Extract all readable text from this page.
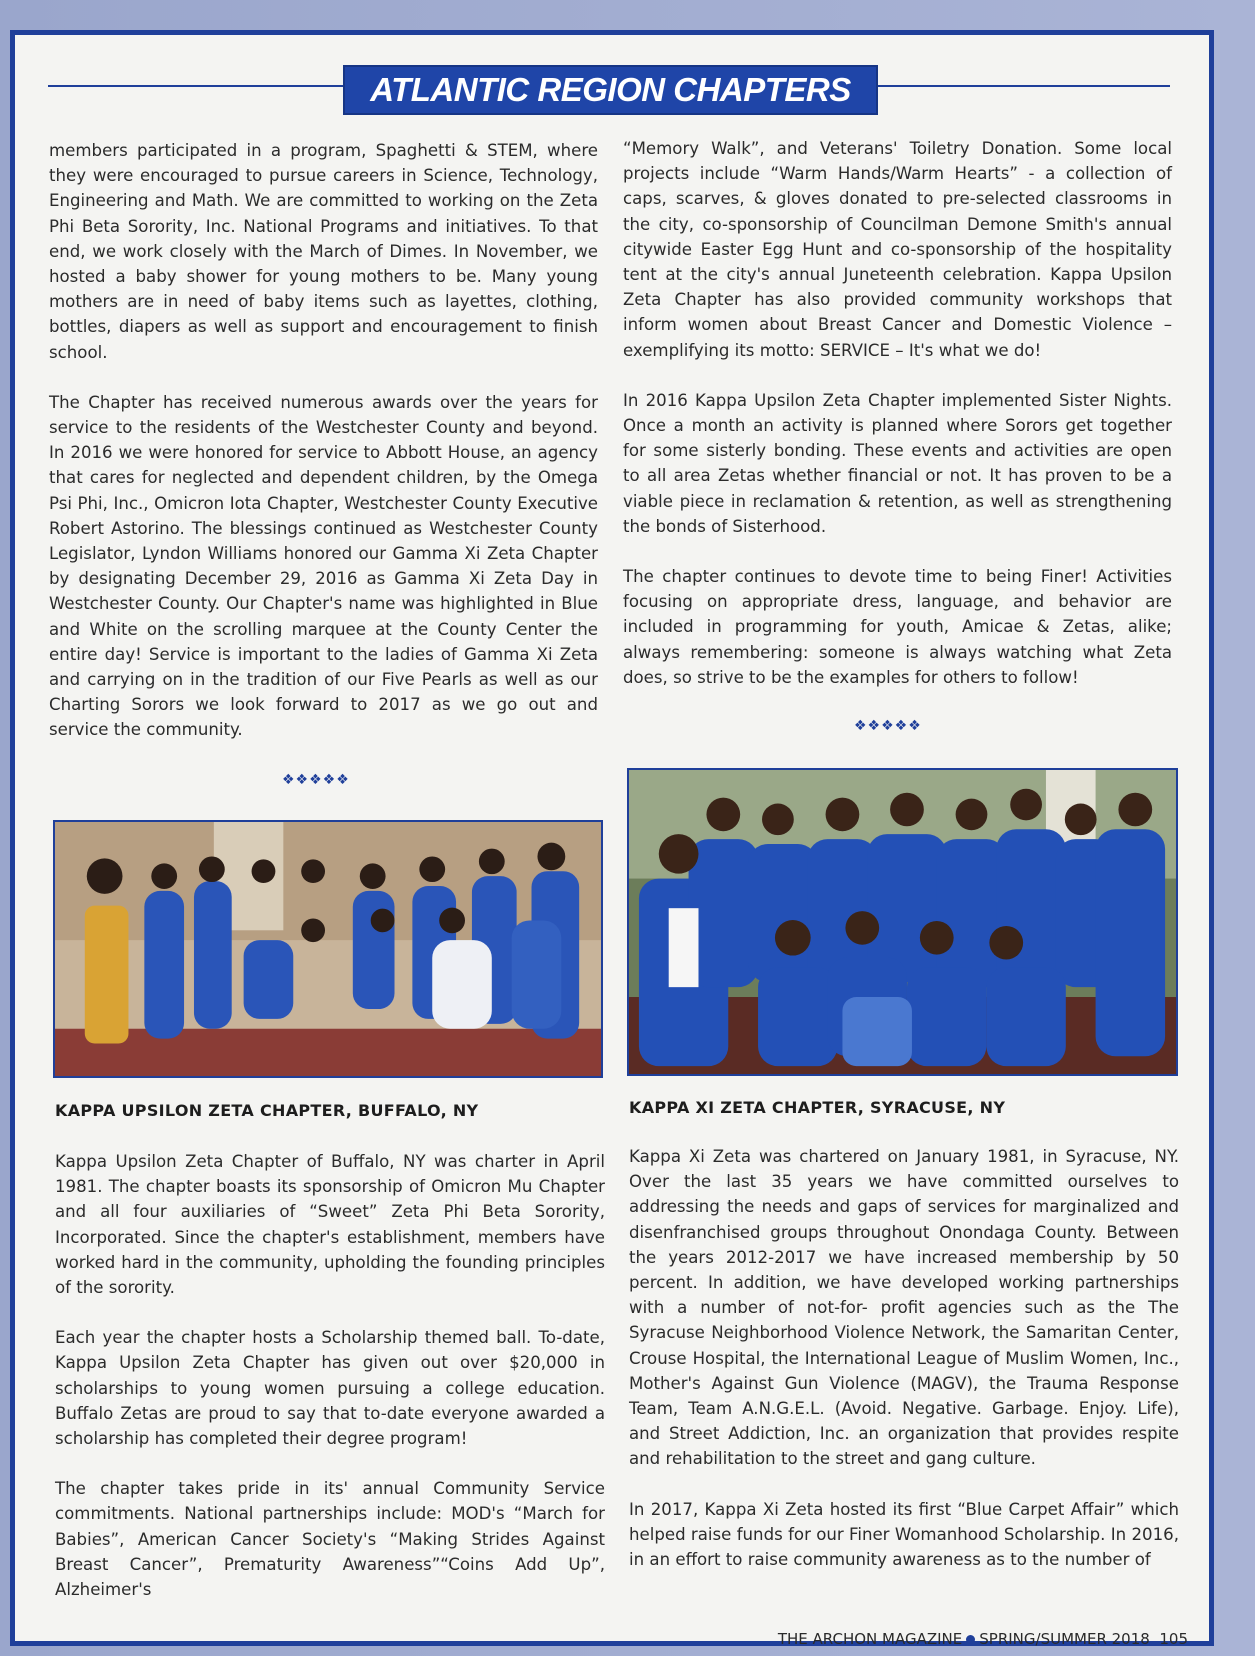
ATLANTIC REGION CHAPTERS

members participated in a program, Spaghetti & STEM, where they were encouraged to pursue careers in Science, Technology, Engineering and Math. We are committed to working on the Zeta Phi Beta Sorority, Inc. National Programs and initiatives. To that end, we work closely with the March of Dimes. In November, we hosted a baby shower for young mothers to be. Many young mothers are in need of baby items such as layettes, clothing, bottles, diapers as well as support and encouragement to finish school.

The Chapter has received numerous awards over the years for service to the residents of the Westchester County and beyond. In 2016 we were honored for service to Abbott House, an agency that cares for neglected and dependent children, by the Omega Psi Phi, Inc., Omicron Iota Chapter, Westchester County Executive Robert Astorino. The blessings continued as Westchester County Legislator, Lyndon Williams honored our Gamma Xi Zeta Chapter by designating December 29, 2016 as Gamma Xi Zeta Day in Westchester County. Our Chapter's name was highlighted in Blue and White on the scrolling marquee at the County Center the entire day! Service is important to the ladies of Gamma Xi Zeta and carrying on in the tradition of our Five Pearls as well as our Charting Sorors we look forward to 2017 as we go out and service the community.

“Memory Walk”, and Veterans' Toiletry Donation. Some local projects include “Warm Hands/Warm Hearts” - a collection of caps, scarves, & gloves donated to pre-selected classrooms in the city, co-sponsorship of Councilman Demone Smith's annual citywide Easter Egg Hunt and co-sponsorship of the hospitality tent at the city's annual Juneteenth celebration. Kappa Upsilon Zeta Chapter has also provided community workshops that inform women about Breast Cancer and Domestic Violence – exemplifying its motto: SERVICE – It's what we do!

In 2016 Kappa Upsilon Zeta Chapter implemented Sister Nights. Once a month an activity is planned where Sorors get together for some sisterly bonding. These events and activities are open to all area Zetas whether financial or not. It has proven to be a viable piece in reclamation & retention, as well as strengthening the bonds of Sisterhood.

The chapter continues to devote time to being Finer! Activities focusing on appropriate dress, language, and behavior are included in programming for youth, Amicae & Zetas, alike; always remembering: someone is always watching what Zeta does, so strive to be the examples for others to follow!

❖❖❖❖❖
❖❖❖❖❖
KAPPA UPSILON ZETA CHAPTER, BUFFALO, NY	KAPPA XI ZETA CHAPTER, SYRACUSE, NY

Kappa Upsilon Zeta Chapter of Buffalo, NY was charter in April 1981. The chapter boasts its sponsorship of Omicron Mu Chapter and all four auxiliaries of “Sweet” Zeta Phi Beta Sorority, Incorporated. Since the chapter's establishment, members have worked hard in the community, upholding the founding principles of the sorority.

Each year the chapter hosts a Scholarship themed ball. To-date, Kappa Upsilon Zeta Chapter has given out over $20,000 in scholarships to young women pursuing a college education. Buffalo Zetas are proud to say that to-date everyone awarded a scholarship has completed their degree program!

The chapter takes pride in its' annual Community Service commitments. National partnerships include: MOD's “March for Babies”, American Cancer Society's “Making Strides Against Breast Cancer”, Prematurity Awareness”“Coins Add Up”, Alzheimer's

Kappa Xi Zeta was chartered on January 1981, in Syracuse, NY. Over the last 35 years we have committed ourselves to addressing the needs and gaps of services for marginalized and disenfranchised groups throughout Onondaga County. Between the years 2012-2017 we have increased membership by 50 percent. In addition, we have developed working partnerships with a number of not-for- profit agencies such as the The Syracuse Neighborhood Violence Network, the Samaritan Center, Crouse Hospital, the International League of Muslim Women, Inc., Mother's Against Gun Violence (MAGV), the Trauma Response Team, Team A.N.G.E.L. (Avoid. Negative. Garbage. Enjoy. Life), and Street Addiction, Inc. an organization that provides respite and rehabilitation to the street and gang culture.

In 2017, Kappa Xi Zeta hosted its first “Blue Carpet Affair” which helped raise funds for our Finer Womanhood Scholarship. In 2016, in an effort to raise community awareness as to the number of

THE ARCHON MAGAZINE SPRING/SUMMER 2018 105
